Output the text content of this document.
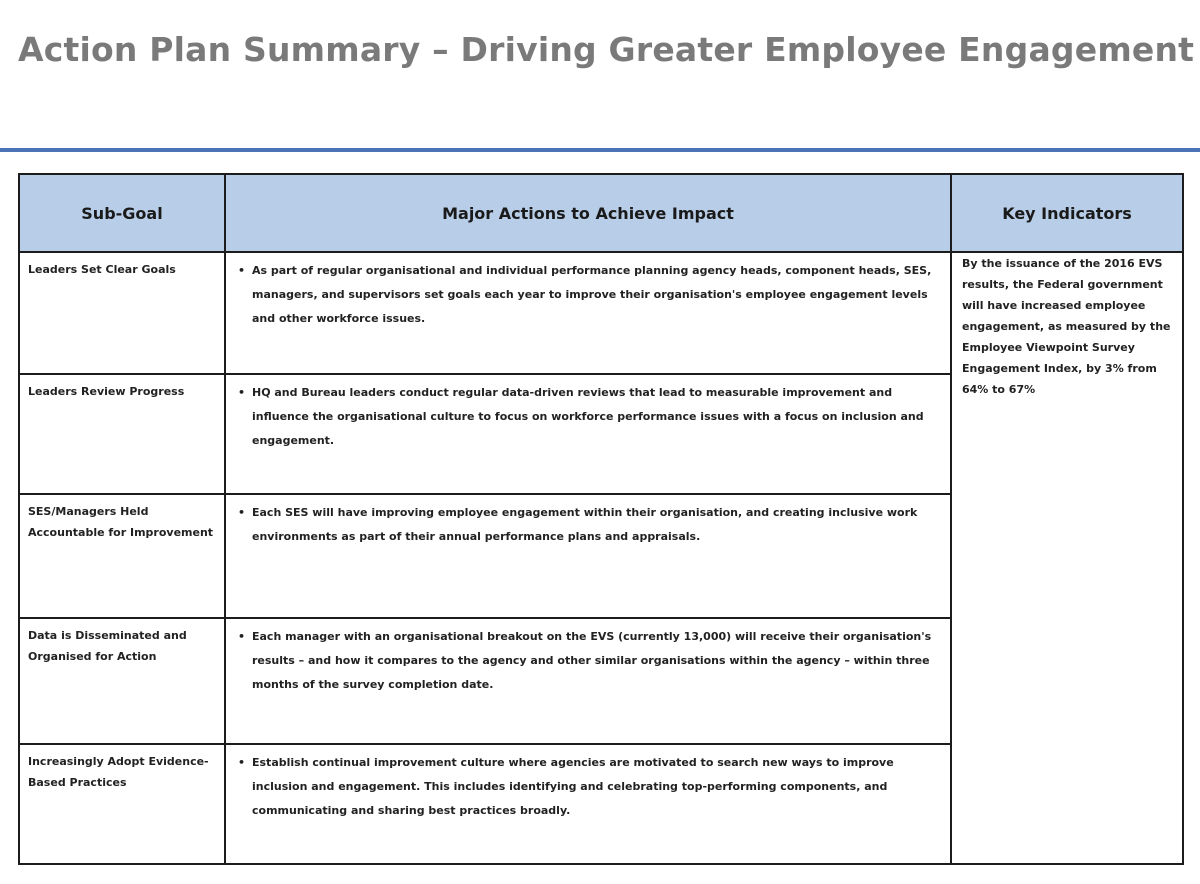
Action Plan Summary – Driving Greater Employee Engagement
Sub-Goal	Major Actions to Achieve Impact	Key Indicators
Leaders Set Clear Goals	• As part of regular organisational and individual performance planning agency heads, component heads, SES, managers, and supervisors set goals each year to improve their organisation's employee engagement levels and other workforce issues.	By the issuance of the 2016 EVS results, the Federal government will have increased employee engagement, as measured by the Employee Viewpoint Survey Engagement Index, by 3% from 64% to 67%
Leaders Review Progress	• HQ and Bureau leaders conduct regular data-driven reviews that lead to measurable improvement and influence the organisational culture to focus on workforce performance issues with a focus on inclusion and engagement.	

SES/Managers Held Accountable for Improvement	• Each SES will have improving employee engagement within their organisation, and creating inclusive work environments as part of their annual performance plans and appraisals.	

Data is Disseminated and Organised for Action	• Each manager with an organisational breakout on the EVS (currently 13,000) will receive their organisation's results – and how it compares to the agency and other similar organisations within the agency – within three months of the survey completion date.	

Increasingly Adopt Evidence-Based Practices	• Establish continual improvement culture where agencies are motivated to search new ways to improve inclusion and engagement. This includes identifying and celebrating top-performing components, and communicating and sharing best practices broadly.	
